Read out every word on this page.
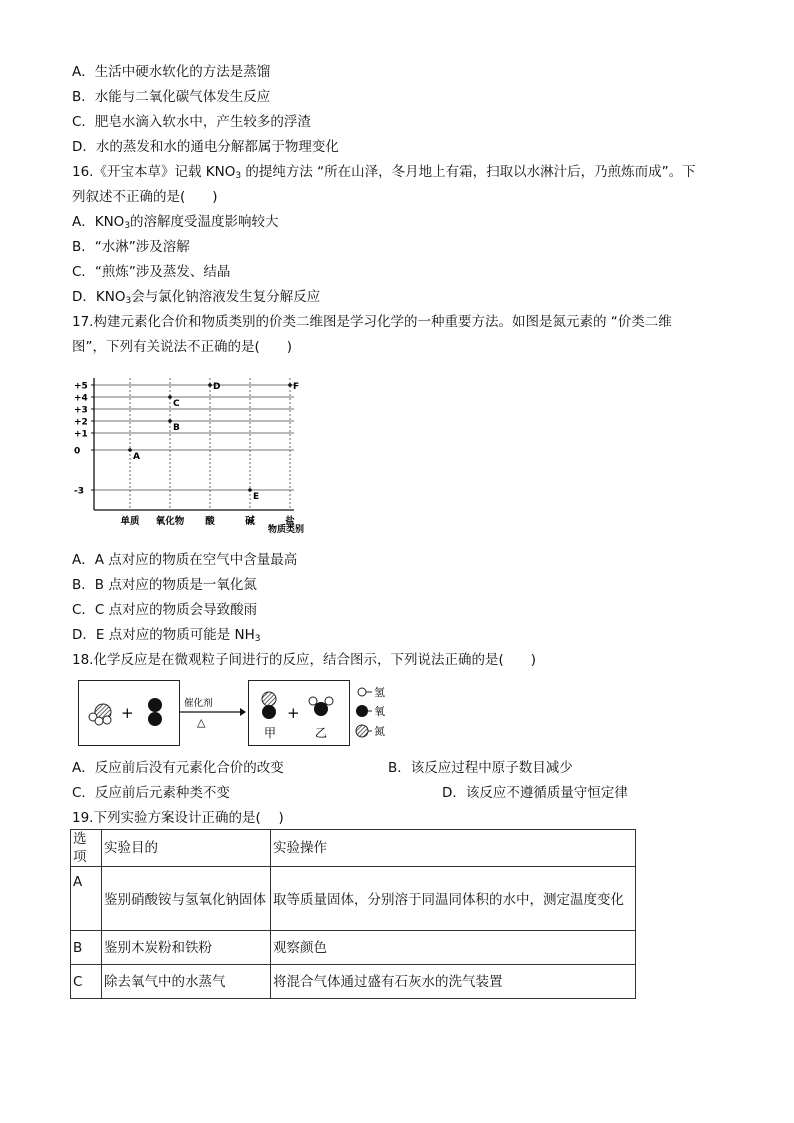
A．生活中硬水软化的方法是蒸馏
B．水能与二氧化碳气体发生反应
C．肥皂水滴入软水中，产生较多的浮渣
D．水的蒸发和水的通电分解都属于物理变化
16.《开宝本草》记载 $KNO_3$ 的提纯方法 “所在山泽，冬月地上有霜，扫取以水淋汁后，乃煎炼而成”。下
列叙述不正确的是(　　)
A．$KNO_3$的溶解度受温度影响较大
B．“水淋”涉及溶解
C．“煎炼”涉及蒸发、结晶
D．$KNO_3$会与氯化钠溶液发生复分解反应
17.构建元素化合价和物质类别的价类二维图是学习化学的一种重要方法。如图是氮元素的 “价类二维
图”，下列有关说法不正确的是(　　)
+5
+4
+3
+2
+1
0
-3
单质 氧化物 酸	碱	盐
A
B
C
D
E
F
物质类别
A．A 点对应的物质在空气中含量最高
B．B 点对应的物质是一氧化氮
C．C 点对应的物质会导致酸雨
D．E 点对应的物质可能是 $NH_3$
18.化学反应是在微观粒子间进行的反应，结合图示，下列说法正确的是(　　)
+
催化剂
△
甲
+
乙
氢
氧
氮
A．反应前后没有元素化合价的改变	B．该反应过程中原子数目减少
C．反应前后元素种类不变	D．该反应不遵循质量守恒定律
19.下列实验方案设计正确的是(　 )
选项	实验目的	实验操作
A	鉴别硝酸铵与氢氧化钠固体	取等质量固体，分别溶于同温同体积的水中，测定温度变化
B	鉴别木炭粉和铁粉	观察颜色
C	除去氧气中的水蒸气	将混合气体通过盛有石灰水的洗气装置
